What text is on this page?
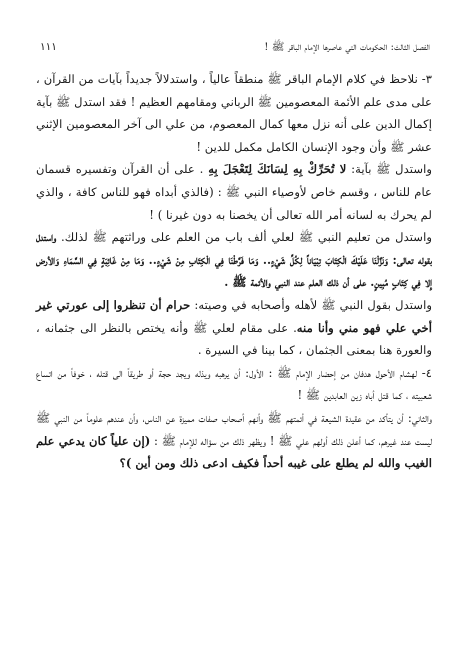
الفصل الثالث: الحكومات التي عاصرها الإمام الباقر ﷺ !
١١١

٣- نلاحظ في كلام الإمام الباقر ﷺ منطقاً عالياً ، واستدلالاً جديداً بآيات من القرآن ، على مدى علم الأئمة المعصومين ﷺ الرباني ومقامهم العظيم ! فقد استدل ﷺ بآية إكمال الدين على أنه نزل معها كمال المعصوم، من علي الى آخر المعصومين الإثني عشر ﷺ وأن وجود الإنسان الكامل مكمل للدين !

واستدل ﷺ بآية: لا تُحَرِّكْ بِهِ لِسَانَكَ لِتَعْجَلَ بِهِ . على أن القرآن وتفسيره قسمان عام للناس ، وقسم خاص لأوصياء النبي ﷺ : (فالذي أبداه فهو للناس كافة ، والذي لم يحرك به لسانه أمر الله تعالى أن يخصنا به دون غيرنا ) !

واستدل من تعليم النبي ﷺ لعلي ألف باب من العلم على وراثتهم ﷺ لذلك. واستدل بقوله تعالى: وَنَزَّلْنَا عَلَيْكَ الْكِتَابَ تِبْيَاناً لِكُلِّ شَيْءٍ.. وَمَا فَرَّطْنَا فِي الْكِتَابِ مِنْ شَيْءٍ.. وَمَا مِنْ غَائِبَةٍ فِي السَّمَاءِ وَالأرض إِلا فِي كِتَابٍ مُبِينٍ. على أن ذلك العلم عند النبي والأئمة ﷺ .

واستدل بقول النبي ﷺ لأهله وأصحابه في وصيته: حرام أن تنظروا إلى عورتي غير أخي علي فهو مني وأنا منه. على مقام لعلي ﷺ وأنه يختص بالنظر الى جثمانه ، والعورة هنا بمعنى الجثمان ، كما بينا في السيرة .

٤- لهشام الأحول هدفان من إحضار الإمام ﷺ : الأول: أن يرهبه ويذله ويجد حجة أو طريقاً الى قتله ، خوفاً من اتساع شعبيته ، كما قتل أباه زين العابدين ﷺ !

والثاني: أن يتأكد من عقيدة الشيعة في أئمتهم ﷺ وأنهم أصحاب صفات مميزة عن الناس، وأن عندهم علوماً من النبي ﷺ ليست عند غيرهم، كما أعلن ذلك أولهم علي ﷺ ! ويظهر ذلك من سؤاله للإمام ﷺ : (إن علياً كان يدعي علم الغيب والله لم يطلع على غيبه أحداً فكيف ادعى ذلك ومن أين )؟
